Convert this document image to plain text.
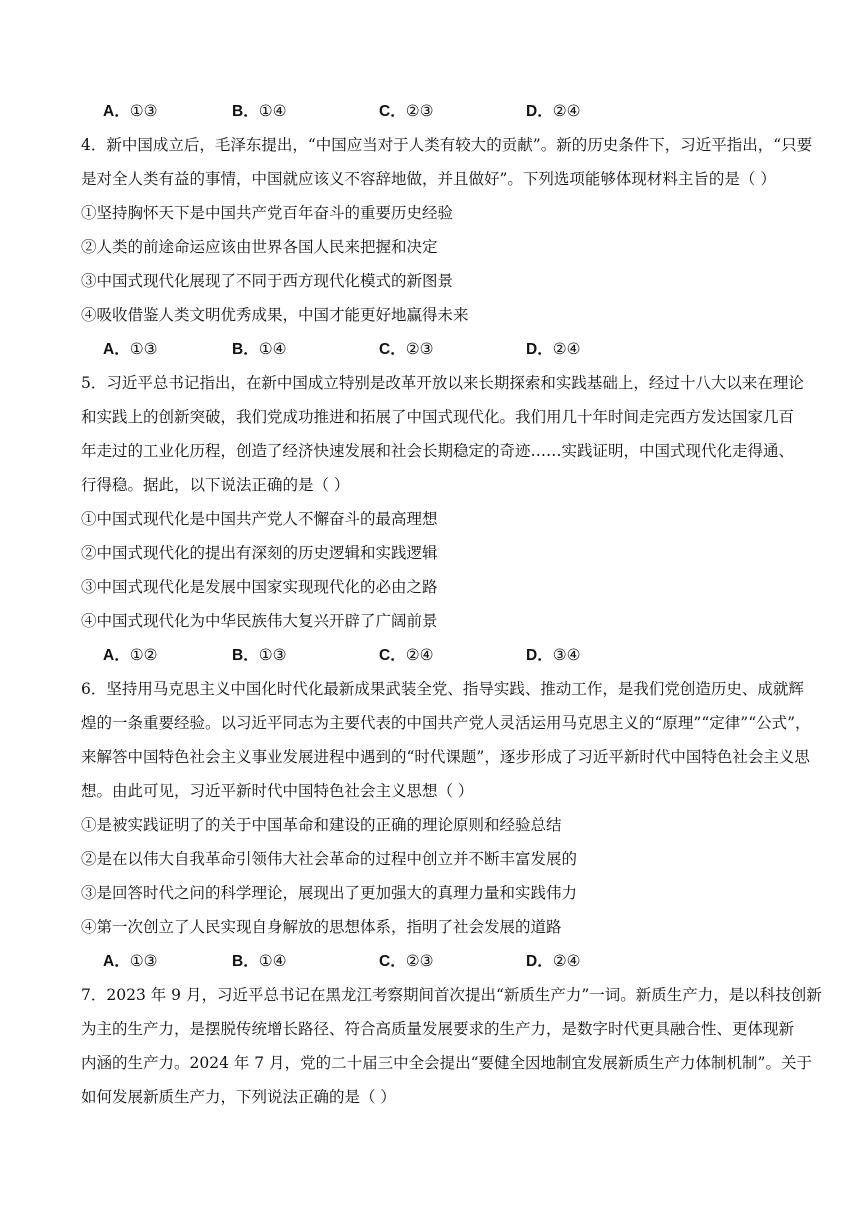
A．①③	B．①④	C．②③	D．②④
4．新中国成立后，毛泽东提出，“中国应当对于人类有较大的贡献”。新的历史条件下，习近平指出，“只要
是对全人类有益的事情，中国就应该义不容辞地做，并且做好”。下列选项能够体现材料主旨的是（ ）
①坚持胸怀天下是中国共产党百年奋斗的重要历史经验
②人类的前途命运应该由世界各国人民来把握和决定
③中国式现代化展现了不同于西方现代化模式的新图景
④吸收借鉴人类文明优秀成果，中国才能更好地赢得未来
A．①③	B．①④	C．②③	D．②④
5．习近平总书记指出，在新中国成立特别是改革开放以来长期探索和实践基础上，经过十八大以来在理论
和实践上的创新突破，我们党成功推进和拓展了中国式现代化。我们用几十年时间走完西方发达国家几百
年走过的工业化历程，创造了经济快速发展和社会长期稳定的奇迹……实践证明，中国式现代化走得通、
行得稳。据此，以下说法正确的是（ ）
①中国式现代化是中国共产党人不懈奋斗的最高理想
②中国式现代化的提出有深刻的历史逻辑和实践逻辑
③中国式现代化是发展中国家实现现代化的必由之路
④中国式现代化为中华民族伟大复兴开辟了广阔前景
A．①②	B．①③	C．②④	D．③④
6．坚持用马克思主义中国化时代化最新成果武装全党、指导实践、推动工作，是我们党创造历史、成就辉
煌的一条重要经验。以习近平同志为主要代表的中国共产党人灵活运用马克思主义的“原理”“定律”“公式”，
来解答中国特色社会主义事业发展进程中遇到的“时代课题”，逐步形成了习近平新时代中国特色社会主义思
想。由此可见，习近平新时代中国特色社会主义思想（ ）
①是被实践证明了的关于中国革命和建设的正确的理论原则和经验总结
②是在以伟大自我革命引领伟大社会革命的过程中创立并不断丰富发展的
③是回答时代之问的科学理论，展现出了更加强大的真理力量和实践伟力
④第一次创立了人民实现自身解放的思想体系，指明了社会发展的道路
A．①③	B．①④	C．②③	D．②④
7．2023 年 9 月，习近平总书记在黑龙江考察期间首次提出“新质生产力”一词。新质生产力，是以科技创新
为主的生产力，是摆脱传统增长路径、符合高质量发展要求的生产力，是数字时代更具融合性、更体现新
内涵的生产力。2024 年 7 月，党的二十届三中全会提出“要健全因地制宜发展新质生产力体制机制”。关于
如何发展新质生产力，下列说法正确的是（ ）
